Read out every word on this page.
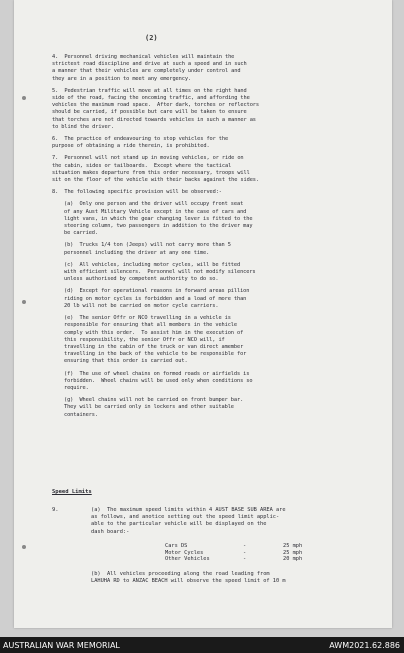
(2)

4.  Personnel driving mechanical vehicles will maintain the
strictest road discipline and drive at such a speed and in such
a manner that their vehicles are completely under control and
they are in a position to meet any emergency.

5.  Pedestrian traffic will move at all times on the right hand
side of the road, facing the oncoming traffic, and affording the
vehicles the maximum road space.  After dark, torches or reflectors
should be carried, if possible but care will be taken to ensure
that torches are not directed towards vehicles in such a manner as
to blind the driver.

6.  The practice of endeavouring to stop vehicles for the
purpose of obtaining a ride therein, is prohibited.

7.  Personnel will not stand up in moving vehicles, or ride on
the cabin, sides or tailboards.  Except where the tactical
situation makes departure from this order necessary, troops will
sit on the floor of the vehicle with their backs against the sides.

8.  The following specific provision will be observed:-

(a)  Only one person and the driver will occupy front seat
of any Aust Military Vehicle except in the case of cars and
light vans, in which the gear changing lever is fitted to the
steering column, two passengers in addition to the driver may
be carried.

(b)  Trucks 1/4 ton (Jeeps) will not carry more than 5
personnel including the driver at any one time.

(c)  All vehicles, including motor cycles, will be fitted
with efficient silencers.  Personnel will not modify silencers
unless authorised by competent authority to do so.

(d)  Except for operational reasons in forward areas pillion
riding on motor cycles is forbidden and a load of more than
20 lb will not be carried on motor cycle carriers.

(e)  The senior Offr or NCO travelling in a vehicle is
responsible for ensuring that all members in the vehicle
comply with this order.  To assist him in the execution of
this responsibility, the senior Offr or NCO will, if
travelling in the cabin of the truck or van direct amember
travelling in the back of the vehicle to be responsible for
ensuring that this order is carried out.

(f)  The use of wheel chains on formed roads or airfields is
forbidden.  Wheel chains will be used only when conditions so
require.

(g)  Wheel chains will not be carried on front bumper bar.
They will be carried only in lockers and other suitable
containers.

Speed Limits
9.	(a)  The maximum speed limits within 4 AUST BASE SUB AREA are
as follows, and anotice setting out the speed limit applic-
able to the particular vehicle will be displayed on the
dash board:-
Cars DS	-	25 mph
Motor Cycles	-	25 mph
Other Vehicles	-	20 mph
(b)  All vehicles proceeding along the road leading from
LAHUHA RD to ANZAC BEACH will observe the speed limit of 10 m
AUSTRALIAN WAR MEMORIAL	AWM2021.62.886
